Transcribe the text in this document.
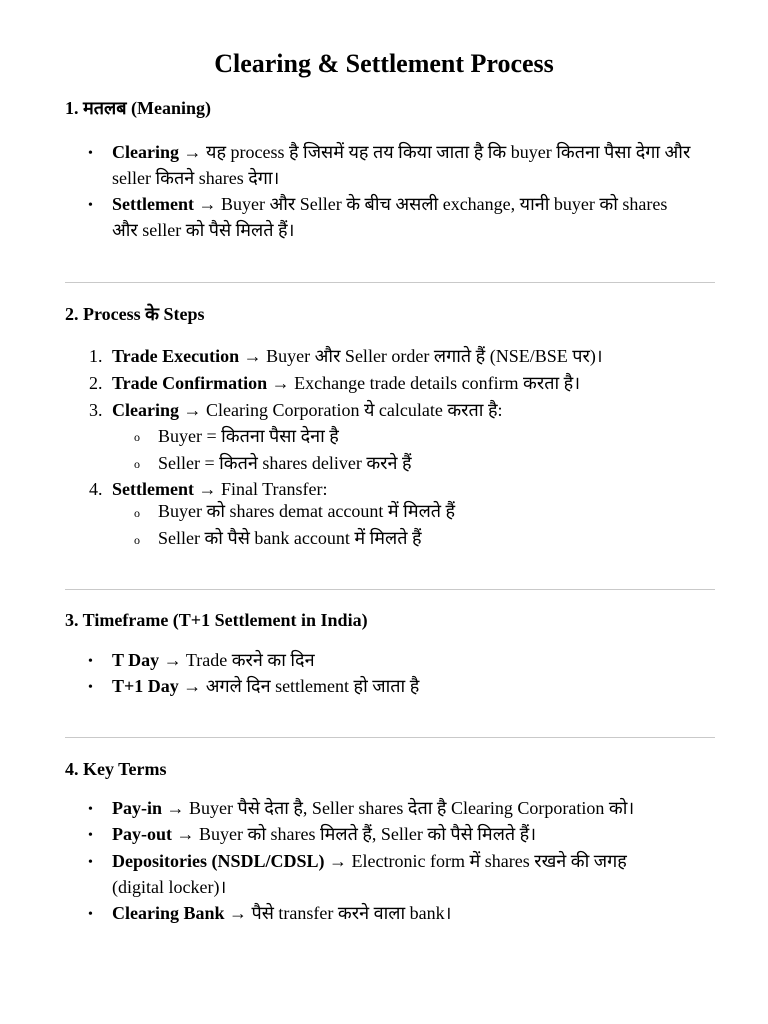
Clearing & Settlement Process
1. मतलब (Meaning)
• Clearing → यह process है जिसमें यह तय किया जाता है कि buyer कितना पैसा देगा और
seller कितने shares देगा।
• Settlement → Buyer और Seller के बीच असली exchange, यानी buyer को shares
और seller को पैसे मिलते हैं।
2. Process के Steps
1. Trade Execution → Buyer और Seller order लगाते हैं (NSE/BSE पर)।
2. Trade Confirmation → Exchange trade details confirm करता है।
3. Clearing → Clearing Corporation ये calculate करता है:
o Buyer = कितना पैसा देना है
o Seller = कितने shares deliver करने हैं
4. Settlement → Final Transfer:
o Buyer को shares demat account में मिलते हैं
o Seller को पैसे bank account में मिलते हैं
3. Timeframe (T+1 Settlement in India)
• T Day → Trade करने का दिन
• T+1 Day → अगले दिन settlement हो जाता है
4. Key Terms
• Pay-in → Buyer पैसे देता है, Seller shares देता है Clearing Corporation को।
• Pay-out → Buyer को shares मिलते हैं, Seller को पैसे मिलते हैं।
• Depositories (NSDL/CDSL) → Electronic form में shares रखने की जगह
(digital locker)।
• Clearing Bank → पैसे transfer करने वाला bank।
